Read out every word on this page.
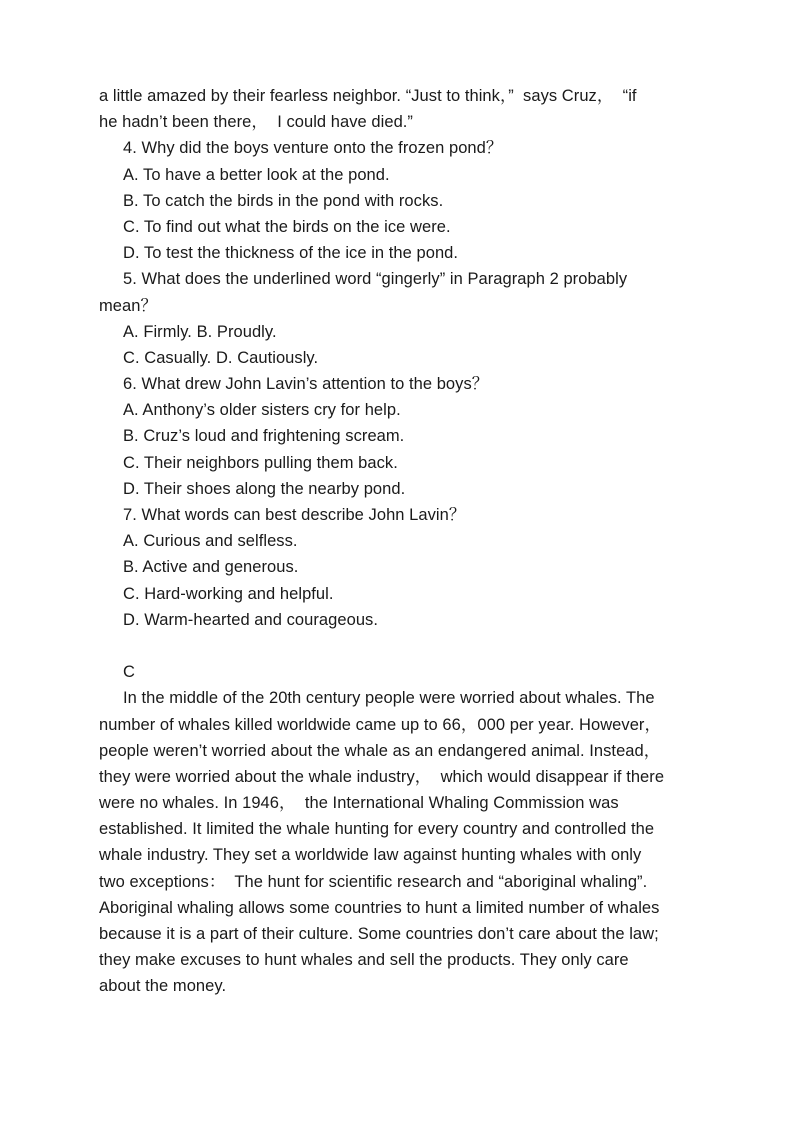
a little amazed by their fearless neighbor. “Just to think，”  says Cruz，  “if
he hadn’t been there，  I could have died.”
4. Why did the boys venture onto the frozen pond？
A. To have a better look at the pond.
B. To catch the birds in the pond with rocks.
C. To find out what the birds on the ice were.
D. To test the thickness of the ice in the pond.
5. What does the underlined word “gingerly” in Paragraph 2 probably
mean？
A. Firmly. B. Proudly.
C. Casually. D. Cautiously.
6. What drew John Lavin’s attention to the boys？
A. Anthony’s older sisters cry for help.
B. Cruz’s loud and frightening scream.
C. Their neighbors pulling them back.
D. Their shoes along the nearby pond.
7. What words can best describe John Lavin？
A. Curious and selfless.
B. Active and generous.
C. Hard-working and helpful.
D. Warm-hearted and courageous.
C
In the middle of the 20th century people were worried about whales. The
number of whales killed worldwide came up to 66，000 per year. However，
people weren’t worried about the whale as an endangered animal. Instead，
they were worried about the whale industry，  which would disappear if there
were no whales. In 1946，  the International Whaling Commission was
established. It limited the whale hunting for every country and controlled the
whale industry. They set a worldwide law against hunting whales with only
two exceptions：  The hunt for scientific research and “aboriginal whaling”.
Aboriginal whaling allows some countries to hunt a limited number of whales
because it is a part of their culture. Some countries don’t care about the law;
they make excuses to hunt whales and sell the products. They only care
about the money.
